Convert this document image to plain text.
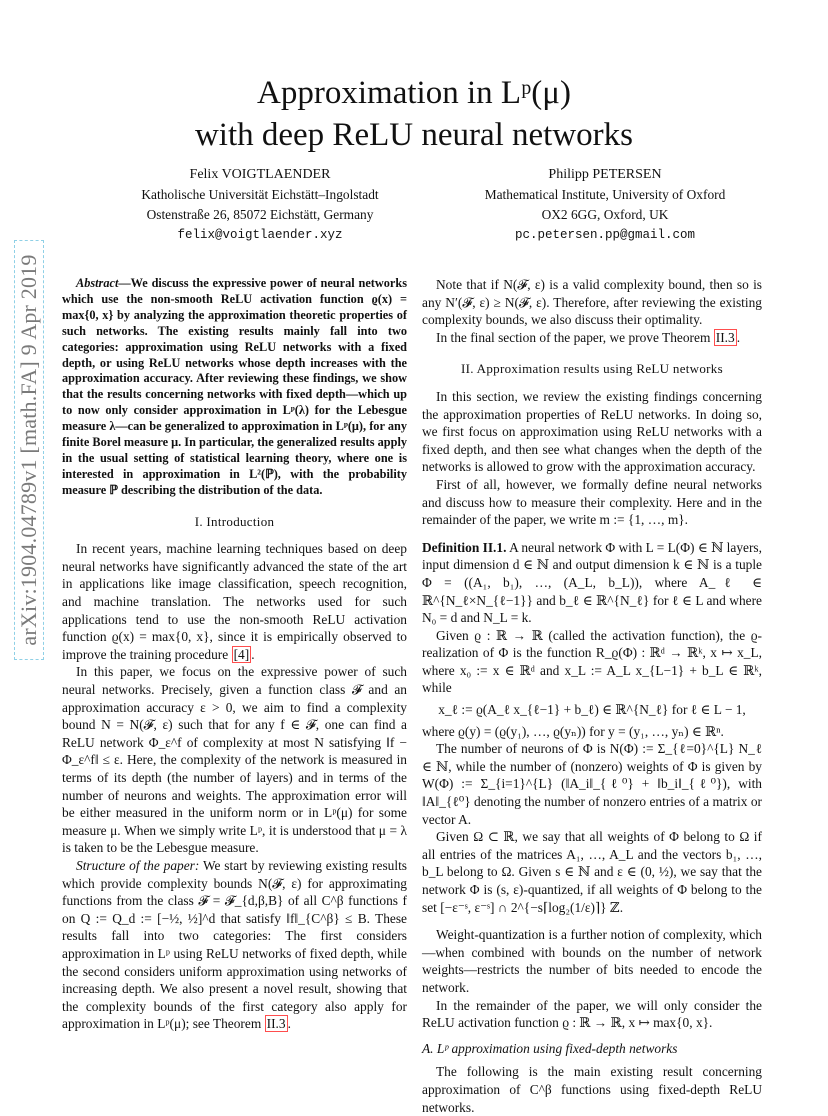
arXiv:1904.04789v1 [math.FA] 9 Apr 2019
Approximation in Lᵖ(μ)
with deep ReLU neural networks
Felix VOIGTLAENDER
Katholische Universität Eichstätt–Ingolstadt
Ostenstraße 26, 85072 Eichstätt, Germany
felix@voigtlaender.xyz
Philipp PETERSEN
Mathematical Institute, University of Oxford
OX2 6GG, Oxford, UK
pc.petersen.pp@gmail.com

Abstract—We discuss the expressive power of neural networks which use the non-smooth ReLU activation function ϱ(x) = max{0, x} by analyzing the approximation theoretic properties of such networks. The existing results mainly fall into two categories: approximation using ReLU networks with a fixed depth, or using ReLU networks whose depth increases with the approximation accuracy. After reviewing these findings, we show that the results concerning networks with fixed depth—which up to now only consider approximation in Lᵖ(λ) for the Lebesgue measure λ—can be generalized to approximation in Lᵖ(μ), for any finite Borel measure μ. In particular, the generalized results apply in the usual setting of statistical learning theory, where one is interested in approximation in L²(ℙ), with the probability measure ℙ describing the distribution of the data.

I. Introduction

In recent years, machine learning techniques based on deep neural networks have significantly advanced the state of the art in applications like image classification, speech recognition, and machine translation. The networks used for such applications tend to use the non-smooth ReLU activation function ϱ(x) = max{0, x}, since it is empirically observed to improve the training procedure [4] .

In this paper, we focus on the expressive power of such neural networks. Precisely, given a function class 𝓕 and an approximation accuracy ε > 0, we aim to find a complexity bound N = N(𝓕, ε) such that for any f ∈ 𝓕, one can find a ReLU network Φ_ε^f of complexity at most N satisfying ‖f − Φ_ε^f‖ ≤ ε. Here, the complexity of the network is measured in terms of its depth (the number of layers) and in terms of the number of neurons and weights. The approximation error will be either measured in the uniform norm or in Lᵖ(μ) for some measure μ. When we simply write Lᵖ, it is understood that μ = λ is taken to be the Lebesgue measure.

Structure of the paper: We start by reviewing existing results which provide complexity bounds N(𝓕, ε) for approximating functions from the class 𝓕 = 𝓕_{d,β,B} of all C^β functions f on Q := Q_d := [−½, ½]^d that satisfy ‖f‖_{C^β} ≤ B. These results fall into two categories: The first considers approximation in Lᵖ using ReLU networks of fixed depth, while the second considers uniform approximation using networks of increasing depth. We also present a novel result, showing that the complexity bounds of the first category also apply for approximation in Lᵖ(μ); see Theorem II.3 .

Note that if N(𝓕, ε) is a valid complexity bound, then so is any N′(𝓕, ε) ≥ N(𝓕, ε). Therefore, after reviewing the existing complexity bounds, we also discuss their optimality.

In the final section of the paper, we prove Theorem II.3 .

II. Approximation results using ReLU networks

In this section, we review the existing findings concerning the approximation properties of ReLU networks. In doing so, we first focus on approximation using ReLU networks with a fixed depth, and then see what changes when the depth of the networks is allowed to grow with the approximation accuracy.

First of all, however, we formally define neural networks and discuss how to measure their complexity. Here and in the remainder of the paper, we write m := {1, …, m}.

Definition II.1. A neural network Φ with L = L(Φ) ∈ ℕ layers, input dimension d ∈ ℕ and output dimension k ∈ ℕ is a tuple Φ = ((A₁, b₁), …, (A_L, b_L)), where A_ℓ ∈ ℝ^{N_ℓ×N_{ℓ−1}} and b_ℓ ∈ ℝ^{N_ℓ} for ℓ ∈ L and where N₀ = d and N_L = k.

Given ϱ : ℝ → ℝ (called the activation function), the ϱ-realization of Φ is the function R_ϱ(Φ) : ℝᵈ → ℝᵏ, x ↦ x_L, where x₀ := x ∈ ℝᵈ and x_L := A_L x_{L−1} + b_L ∈ ℝᵏ, while

x_ℓ := ϱ(A_ℓ x_{ℓ−1} + b_ℓ) ∈ ℝ^{N_ℓ} for ℓ ∈ L − 1,

where ϱ(y) = (ϱ(y₁), …, ϱ(yₙ)) for y = (y₁, …, yₙ) ∈ ℝⁿ.

The number of neurons of Φ is N(Φ) := Σ_{ℓ=0}^{L} N_ℓ ∈ ℕ, while the number of (nonzero) weights of Φ is given by W(Φ) := Σ_{i=1}^{L} (‖A_i‖_{ℓ⁰} + ‖b_i‖_{ℓ⁰}), with ‖A‖_{ℓ⁰} denoting the number of nonzero entries of a matrix or vector A.

Given Ω ⊂ ℝ, we say that all weights of Φ belong to Ω if all entries of the matrices A₁, …, A_L and the vectors b₁, …, b_L belong to Ω. Given s ∈ ℕ and ε ∈ (0, ½), we say that the network Φ is (s, ε)-quantized, if all weights of Φ belong to the set [−ε⁻ˢ, ε⁻ˢ] ∩ 2^{−s⌈log₂(1/ε)⌉} ℤ.

Weight-quantization is a further notion of complexity, which—when combined with bounds on the number of network weights—restricts the number of bits needed to encode the network.

In the remainder of the paper, we will only consider the ReLU activation function ϱ : ℝ → ℝ, x ↦ max{0, x}.

A. Lᵖ approximation using fixed-depth networks

The following is the main existing result concerning approximation of C^β functions using fixed-depth ReLU networks.
